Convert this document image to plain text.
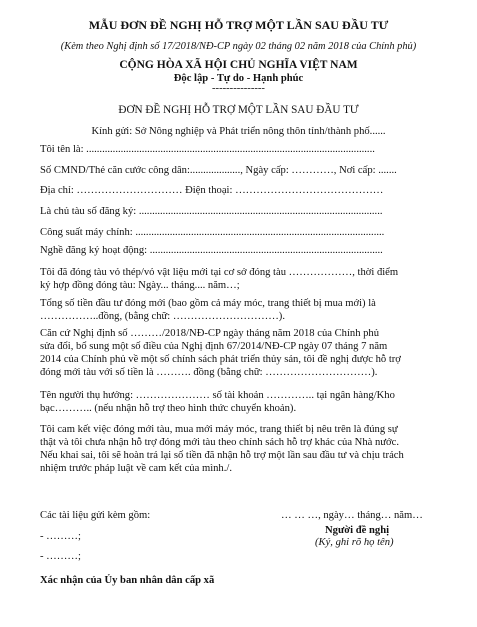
MẪU ĐƠN ĐỀ NGHỊ HỖ TRỢ MỘT LẦN SAU ĐẦU TƯ
(Kèm theo Nghị định số 17/2018/NĐ-CP ngày 02 tháng 02 năm 2018 của Chính phủ)
CỘNG HÒA XÃ HỘI CHỦ NGHĨA VIỆT NAM
Độc lập - Tự do - Hạnh phúc
---------------
ĐƠN ĐỀ NGHỊ HỖ TRỢ MỘT LẦN SAU ĐẦU TƯ
Kính gửi: Sở Nông nghiệp và Phát triển nông thôn tỉnh/thành phố......
Tôi tên là: .............................................................................................................
Số CMND/Thẻ căn cước công dân:..................., Ngày cấp: …………, Nơi cấp: .......
Địa chỉ: ………………………… Điện thoại: ……………………………………
Là chủ tàu số đăng ký: ............................................................................................
Công suất máy chính: ..............................................................................................
Nghề đăng ký hoạt động: ........................................................................................
Tôi đã đóng tàu vỏ thép/vỏ vật liệu mới tại cơ sở đóng tàu ………………, thời điểm
ký hợp đồng đóng tàu: Ngày... tháng.... năm…;
Tổng số tiền đầu tư đóng mới (bao gồm cả máy móc, trang thiết bị mua mới) là
……………..đồng, (bằng chữ: …………………………).
Căn cứ Nghị định số ………/2018/NĐ-CP ngày tháng năm 2018 của Chính phủ
sửa đổi, bổ sung một số điều của Nghị định 67/2014/NĐ-CP ngày 07 tháng 7 năm
2014 của Chính phủ về một số chính sách phát triển thủy sản, tôi đề nghị được hỗ trợ
đóng mới tàu với số tiền là ………. đồng (bằng chữ: …………………………).
Tên người thụ hưởng: ………………… số tài khoản ………….. tại ngân hàng/Kho
bạc……….. (nếu nhận hỗ trợ theo hình thức chuyển khoản).
Tôi cam kết việc đóng mới tàu, mua mới máy móc, trang thiết bị nêu trên là đúng sự
thật và tôi chưa nhận hỗ trợ đóng mới tàu theo chính sách hỗ trợ khác của Nhà nước.
Nếu khai sai, tôi sẽ hoàn trả lại số tiền đã nhận hỗ trợ một lần sau đầu tư và chịu trách
nhiệm trước pháp luật về cam kết của mình./.
Các tài liệu gửi kèm gồm:	… … …, ngày… tháng… năm…
Người đề nghị
(Ký, ghi rõ họ tên)
- ………;
- ………;
Xác nhận của Ủy ban nhân dân cấp xã
